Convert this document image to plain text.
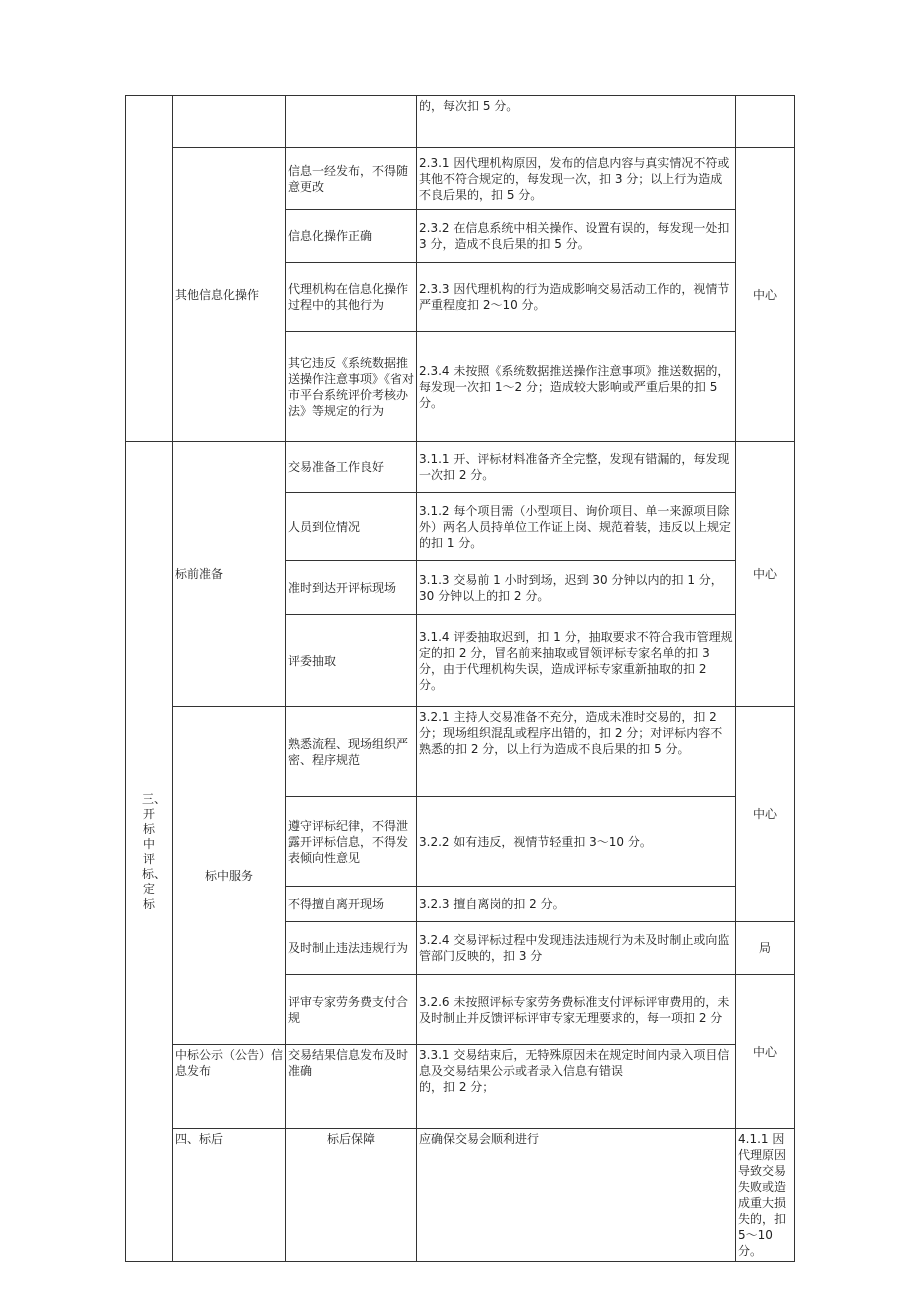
			的，每次扣 5 分。		
	其他信息化操作	信息一经发布，不得随意更改	2.3.1 因代理机构原因，发布的信息内容与真实情况不符或其他不符合规定的，每发现一次，扣 3 分；以上行为造成不良后果的，扣 5 分。	中心	
		信息化操作正确	2.3.2 在信息系统中相关操作、设置有误的，每发现一处扣 3 分，造成不良后果的扣 5 分。		
		代理机构在信息化操作过程中的其他行为	2.3.3 因代理机构的行为造成影响交易活动工作的，视情节严重程度扣 2～10 分。		
		其它违反《系统数据推送操作注意事项》《省对市平台系统评价考核办法》等规定的行为	2.3.4 未按照《系统数据推送操作注意事项》推送数据的，每发现一次扣 1～2 分；造成较大影响或严重后果的扣 5 分。		
三、开标中评标、定标	标前准备	交易准备工作良好	3.1.1 开、评标材料准备齐全完整，发现有错漏的，每发现一次扣 2 分。	中心	
		人员到位情况	3.1.2 每个项目需（小型项目、询价项目、单一来源项目除外）两名人员持单位工作证上岗、规范着装，违反以上规定的扣 1 分。		
		准时到达开评标现场	3.1.3 交易前 1 小时到场，迟到 30 分钟以内的扣 1 分，30 分钟以上的扣 2 分。		
		评委抽取	3.1.4 评委抽取迟到，扣 1 分，抽取要求不符合我市管理规定的扣 2 分，冒名前来抽取或冒领评标专家名单的扣 3 分，由于代理机构失误，造成评标专家重新抽取的扣 2 分。		
	标中服务	熟悉流程、现场组织严密、程序规范	3.2.1 主持人交易准备不充分，造成未准时交易的，扣 2 分；现场组织混乱或程序出错的，扣 2 分；对评标内容不熟悉的扣 2 分，以上行为造成不良后果的扣 5 分。	中心	
		遵守评标纪律，不得泄露开评标信息，不得发表倾向性意见	3.2.2 如有违反，视情节轻重扣 3～10 分。		
		不得擅自离开现场	3.2.3 擅自离岗的扣 2 分。		
		及时制止违法违规行为	3.2.4 交易评标过程中发现违法违规行为未及时制止或向监管部门反映的，扣 3 分	局	
		评审专家劳务费支付合规	3.2.6 未按照评标专家劳务费标准支付评标评审费用的，未及时制止并反馈评标评审专家无理要求的，每一项扣 2 分	中心	
	中标公示（公告）信息发布	交易结果信息发布及时准确	3.3.1 交易结束后，无特殊原因未在规定时间内录入项目信息及交易结果公示或者录入信息有错误
的，扣 2 分；		

	四、标后	标后保障	应确保交易会顺利进行	4.1.1 因代理原因导致交易失败或造成重大损失的，扣 5～10 分。	
